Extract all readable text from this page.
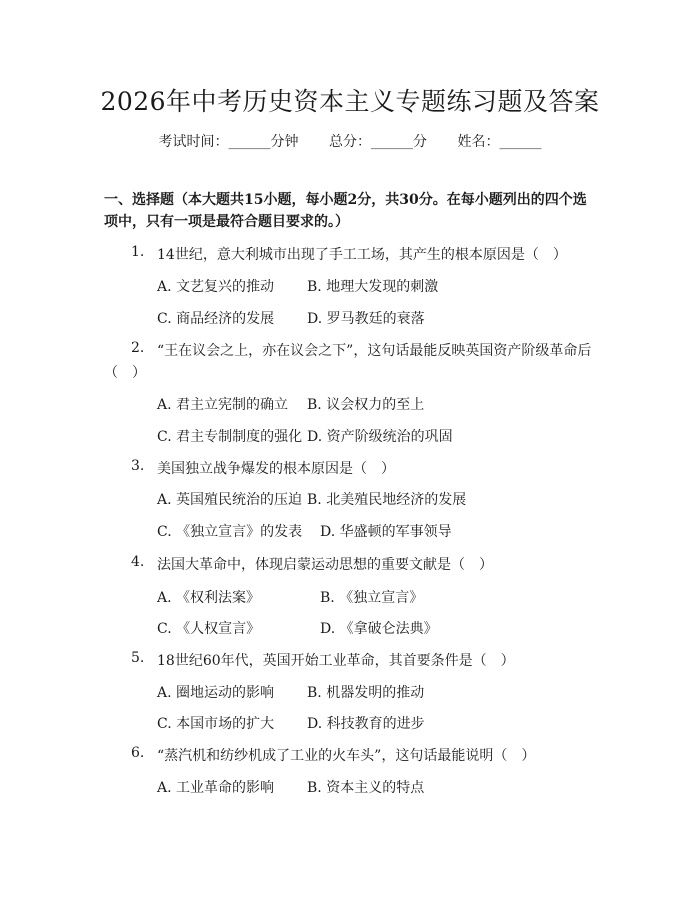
2026年中考历史资本主义专题练习题及答案
考试时间：______分钟 总分：______分 姓名：______
一、选择题（本大题共15小题，每小题2分，共30分。在每小题列出的四个选
项中，只有一项是最符合题目要求的。）
1. 14世纪，意大利城市出现了手工工场，其产生的根本原因是（　）
A. 文艺复兴的推动 B. 地理大发现的刺激
C. 商品经济的发展 D. 罗马教廷的衰落
2. “王在议会之上，亦在议会之下”，这句话最能反映英国资产阶级革命后
（　）
A. 君主立宪制的确立 B. 议会权力的至上
C. 君主专制制度的强化 D. 资产阶级统治的巩固
3. 美国独立战争爆发的根本原因是（　）
A. 英国殖民统治的压迫 B. 北美殖民地经济的发展
C. 《独立宣言》的发表 D. 华盛顿的军事领导
4. 法国大革命中，体现启蒙运动思想的重要文献是（　）
A. 《权利法案》	B. 《独立宣言》
C. 《人权宣言》	D. 《拿破仑法典》
5. 18世纪60年代，英国开始工业革命，其首要条件是（　）
A. 圈地运动的影响 B. 机器发明的推动
C. 本国市场的扩大 D. 科技教育的进步
6. “蒸汽机和纺纱机成了工业的火车头”，这句话最能说明（　）
A. 工业革命的影响 B. 资本主义的特点
